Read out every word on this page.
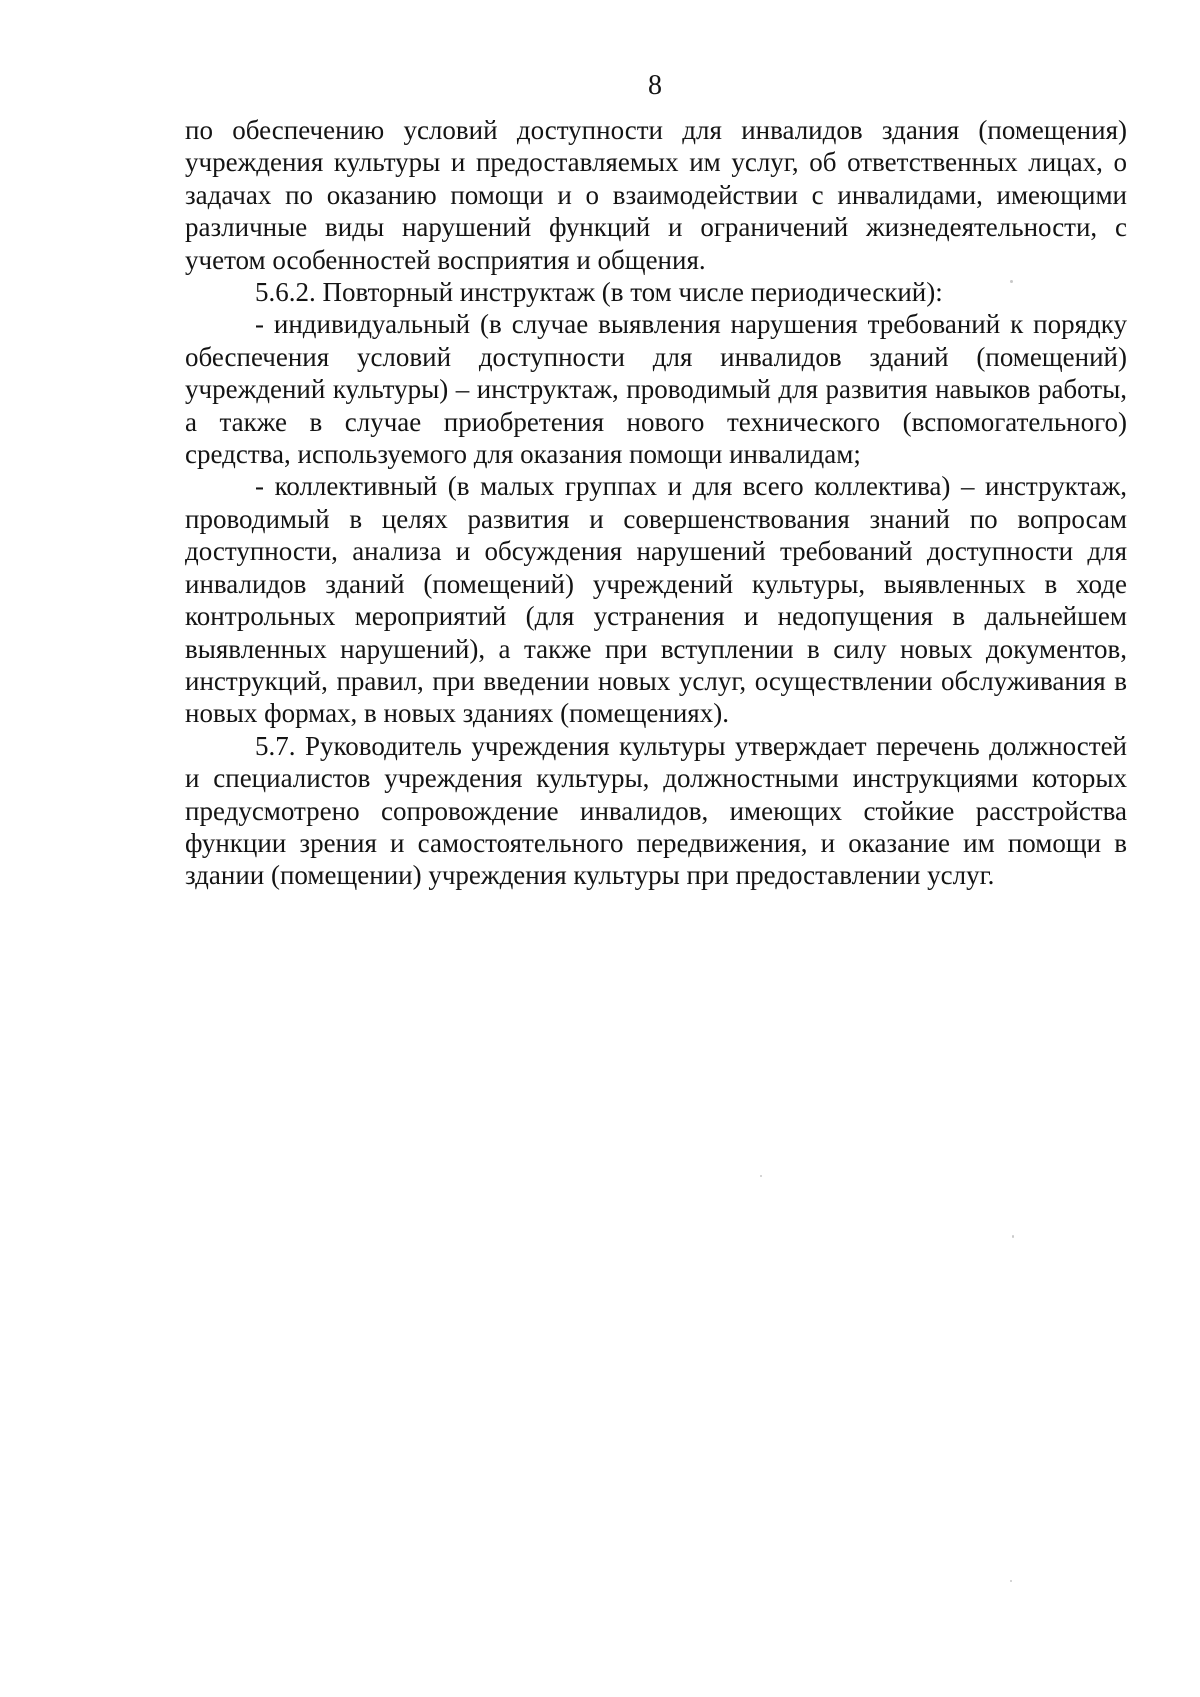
8

по обеспечению условий доступности для инвалидов здания (помещения) учреждения культуры и предоставляемых им услуг, об ответственных лицах, о задачах по оказанию помощи и о взаимодействии с инвалидами, имеющими различные виды нарушений функций и ограничений жизнедеятельности, с учетом особенностей восприятия и общения.

5.6.2. Повторный инструктаж (в том числе периодический):

- индивидуальный (в случае выявления нарушения требований к порядку обеспечения условий доступности для инвалидов зданий (помещений) учреждений культуры) – инструктаж, проводимый для развития навыков работы, а также в случае приобретения нового технического (вспомогательного) средства, используемого для оказания помощи инвалидам;

- коллективный (в малых группах и для всего коллектива) – инструктаж, проводимый в целях развития и совершенствования знаний по вопросам доступности, анализа и обсуждения нарушений требований доступности для инвалидов зданий (помещений) учреждений культуры, выявленных в ходе контрольных мероприятий (для устранения и недопущения в дальнейшем выявленных нарушений), а также при вступлении в силу новых документов, инструкций, правил, при введении новых услуг, осуществлении обслуживания в новых формах, в новых зданиях (помещениях).

5.7. Руководитель учреждения культуры утверждает перечень должностей и специалистов учреждения культуры, должностными инструкциями которых предусмотрено сопровождение инвалидов, имеющих стойкие расстройства функции зрения и самостоятельного передвижения, и оказание им помощи в здании (помещении) учреждения культуры при предоставлении услуг.
